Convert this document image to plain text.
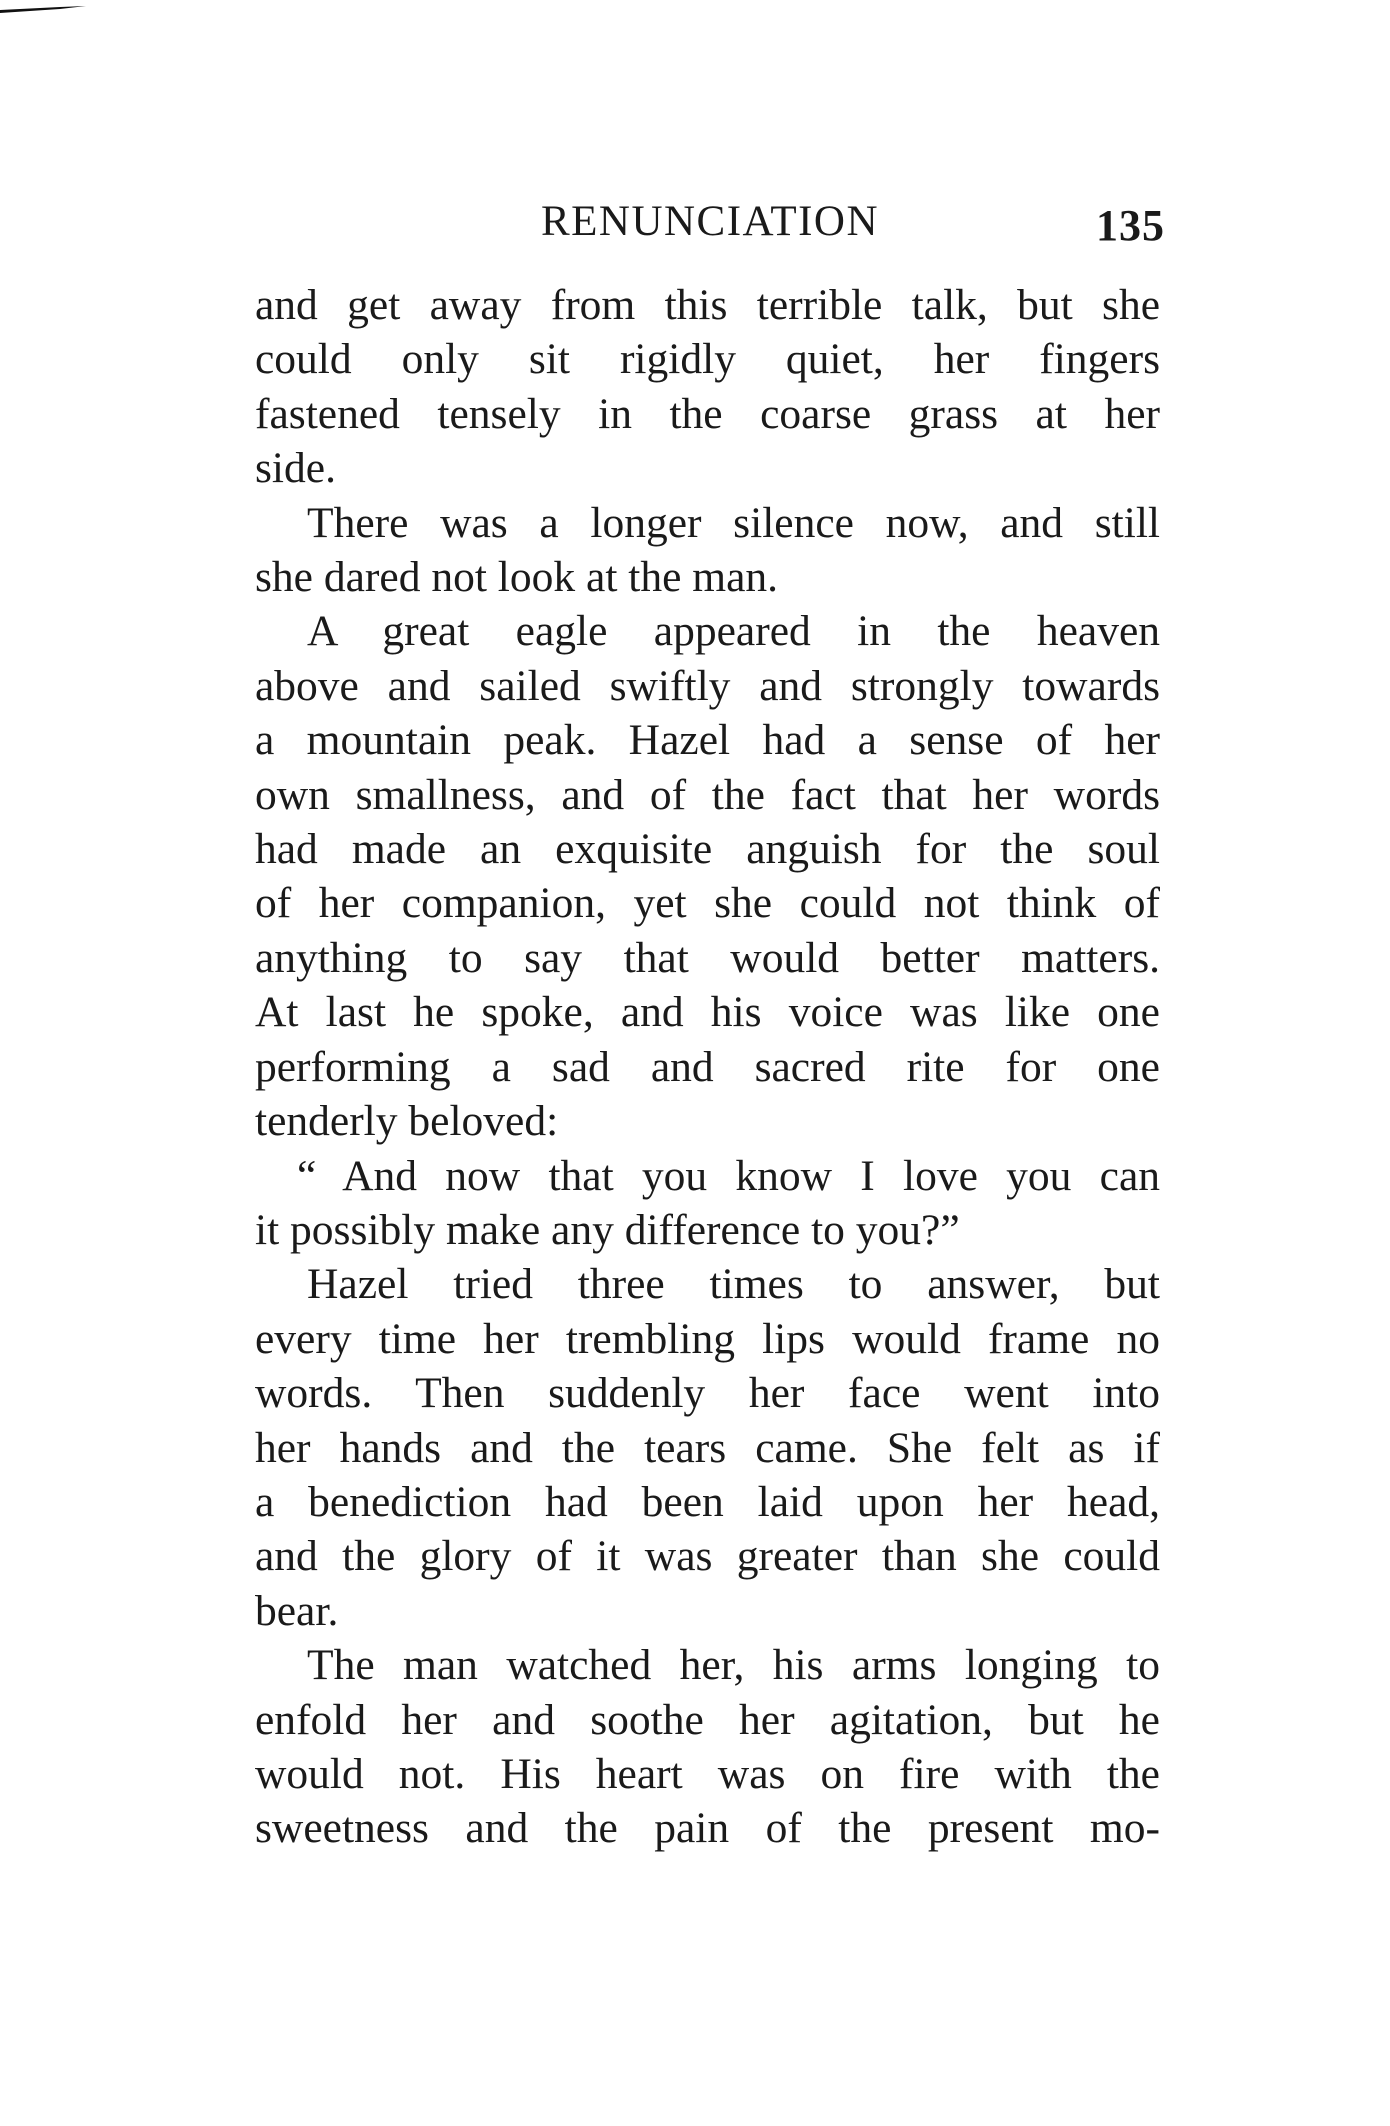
RENUNCIATION	135
and get away from this terrible talk, but she
could only sit rigidly quiet, her fingers
fastened tensely in the coarse grass at her
side.
There was a longer silence now, and still
she dared not look at the man.
A great eagle appeared in the heaven
above and sailed swiftly and strongly towards
a mountain peak. Hazel had a sense of her
own smallness, and of the fact that her words
had made an exquisite anguish for the soul
of her companion, yet she could not think of
anything to say that would better matters.
At last he spoke, and his voice was like one
performing a sad and sacred rite for one
tenderly beloved:
“ And now that you know I love you can
it possibly make any difference to you?”
Hazel tried three times to answer, but
every time her trembling lips would frame no
words. Then suddenly her face went into
her hands and the tears came. She felt as if
a benediction had been laid upon her head,
and the glory of it was greater than she could
bear.
The man watched her, his arms longing to
enfold her and soothe her agitation, but he
would not. His heart was on fire with the
sweetness and the pain of the present mo-
